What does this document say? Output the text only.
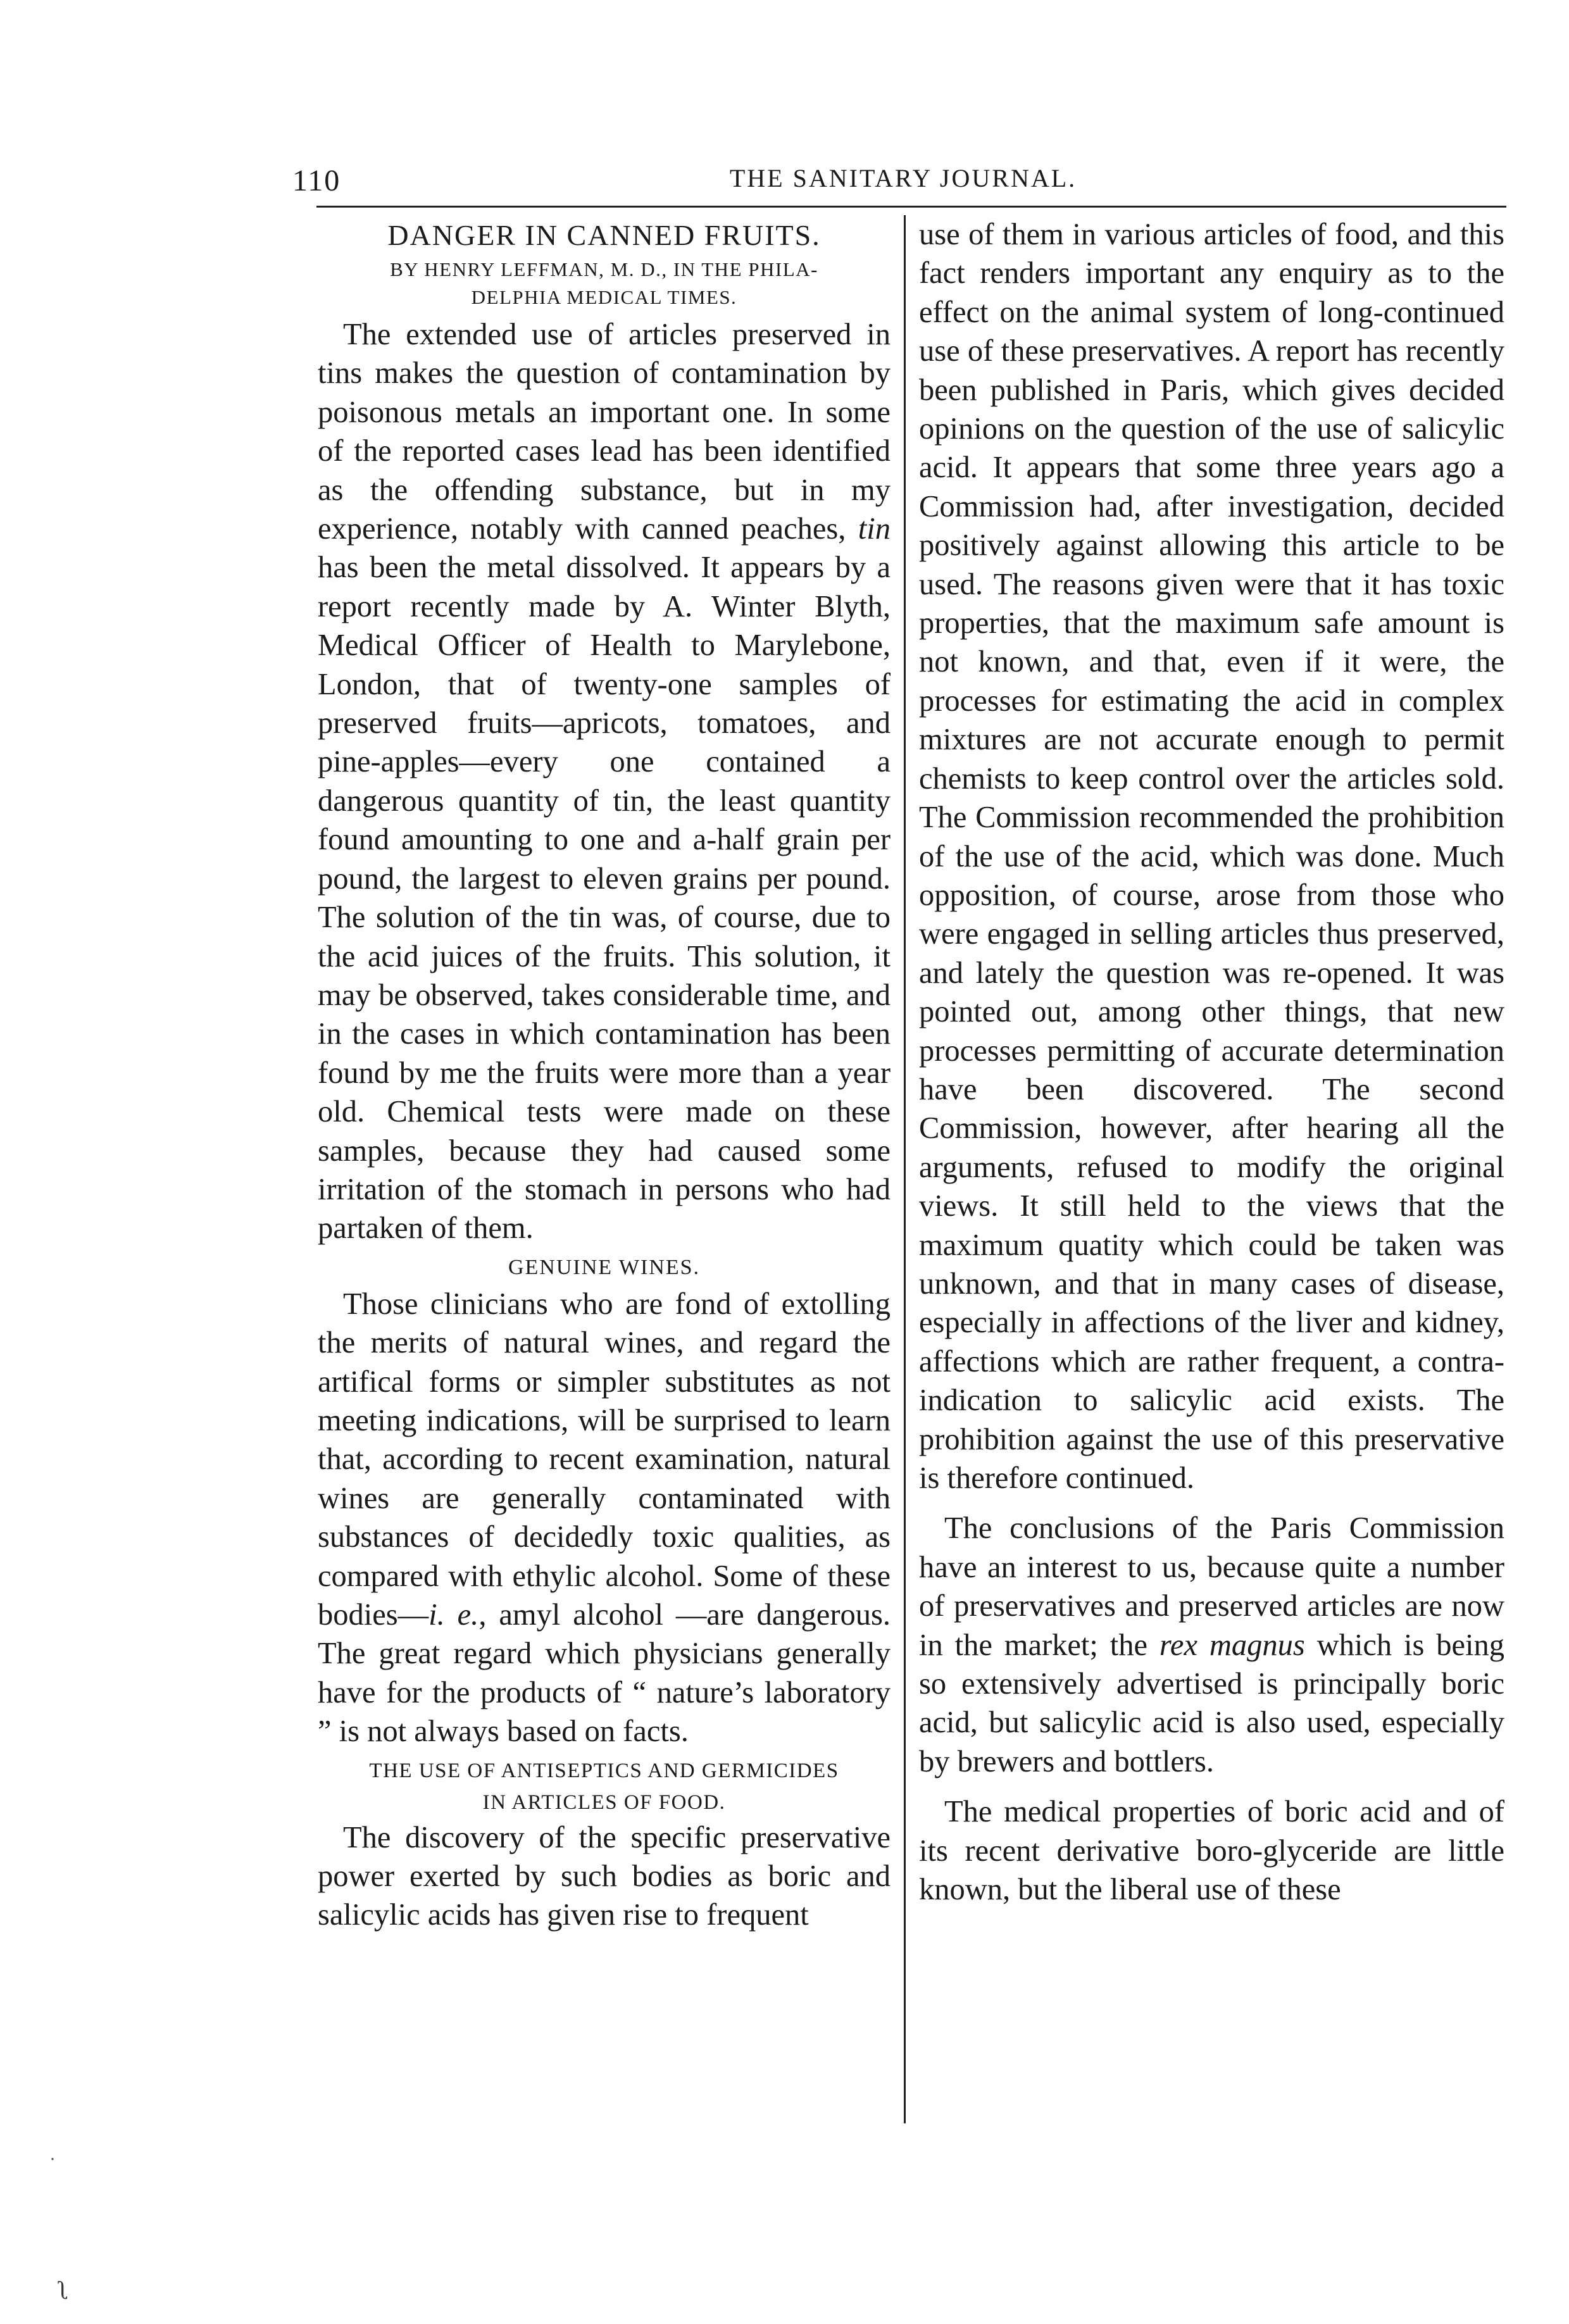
110	THE SANITARY JOURNAL.
DANGER IN CANNED FRUITS.
BY HENRY LEFFMAN, M. D., IN THE PHILA-
DELPHIA MEDICAL TIMES.

The extended use of articles preserved in tins makes the question of contamination by poisonous metals an important one. In some of the reported cases lead has been identified as the offending substance, but in my experience, notably with canned peaches, tin has been the metal dissolved. It appears by a report recently made by A. Winter Blyth, Medical Officer of Health to Marylebone, London, that of twenty-one samples of preserved fruits—apricots, tomatoes, and pine-apples—every one contained a dangerous quantity of tin, the least quantity found amounting to one and a-half grain per pound, the largest to eleven grains per pound. The solution of the tin was, of course, due to the acid juices of the fruits. This solution, it may be observed, takes considerable time, and in the cases in which contamination has been found by me the fruits were more than a year old. Chemical tests were made on these samples, because they had caused some irritation of the stomach in persons who had partaken of them.

GENUINE WINES.

Those clinicians who are fond of extolling the merits of natural wines, and regard the artifical forms or simpler substitutes as not meeting indications, will be surprised to learn that, according to recent examination, natural wines are generally contaminated with substances of decidedly toxic qualities, as compared with ethylic alcohol. Some of these bodies—i. e., amyl alcohol —are dangerous. The great regard which physicians generally have for the products of “ nature’s laboratory ” is not always based on facts.

THE USE OF ANTISEPTICS AND GERMICIDES
IN ARTICLES OF FOOD.

The discovery of the specific preservative power exerted by such bodies as boric and salicylic acids has given rise to frequent

use of them in various articles of food, and this fact renders important any enquiry as to the effect on the animal system of long-continued use of these preservatives. A report has recently been published in Paris, which gives decided opinions on the question of the use of salicylic acid. It appears that some three years ago a Commission had, after investigation, decided positively against allowing this article to be used. The reasons given were that it has toxic properties, that the maximum safe amount is not known, and that, even if it were, the processes for estimating the acid in complex mixtures are not accurate enough to permit chemists to keep control over the articles sold. The Commission recommended the prohibition of the use of the acid, which was done. Much opposition, of course, arose from those who were engaged in selling articles thus preserved, and lately the question was re-opened. It was pointed out, among other things, that new processes permitting of accurate determination have been discovered. The second Commission, however, after hearing all the arguments, refused to modify the original views. It still held to the views that the maximum quatity which could be taken was unknown, and that in many cases of disease, especially in affections of the liver and kidney, affections which are rather frequent, a contra-indication to salicylic acid exists. The prohibition against the use of this preservative is therefore continued.

The conclusions of the Paris Commission have an interest to us, because quite a number of preservatives and preserved articles are now in the market; the rex magnus which is being so extensively advertised is principally boric acid, but salicylic acid is also used, especially by brewers and bottlers.

The medical properties of boric acid and of its recent derivative boro-glyceride are little known, but the liberal use of these

·
ʅ
